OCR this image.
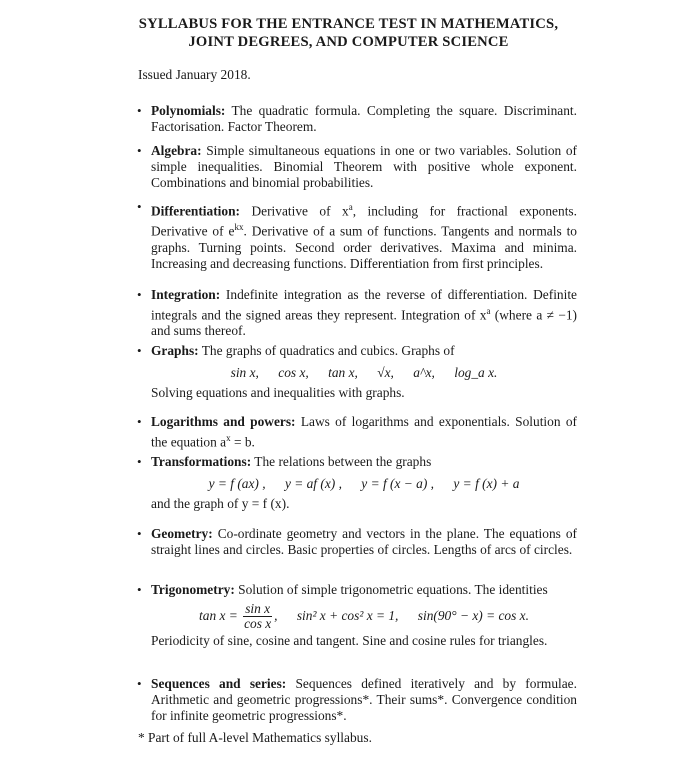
SYLLABUS FOR THE ENTRANCE TEST IN MATHEMATICS,
JOINT DEGREES, AND COMPUTER SCIENCE
Issued January 2018.
• Polynomials: The quadratic formula. Completing the square. Discriminant. Factorisation. Factor Theorem.
• Algebra: Simple simultaneous equations in one or two variables. Solution of simple inequalities. Binomial Theorem with positive whole exponent. Combinations and binomial probabilities.
• Differentiation: Derivative of $x^a$, including for fractional exponents. Derivative of $e^{kx}$. Derivative of a sum of functions. Tangents and normals to graphs. Turning points. Second order derivatives. Maxima and minima. Increasing and decreasing functions. Differentiation from first principles.
• Integration: Indefinite integration as the reverse of differentiation. Definite integrals and the signed areas they represent. Integration of $x^a$ (where a ≠ −1) and sums thereof.
• Graphs: The graphs of quadratics and cubics. Graphs of
sin x, cos x, tan x, √x, a^x, log_a x.
Solving equations and inequalities with graphs.
• Logarithms and powers: Laws of logarithms and exponentials. Solution of the equation $a^x = b$.
• Transformations: The relations between the graphs
y = f (ax) , y = af (x) , y = f (x − a) , y = f (x) + a
and the graph of y = f (x).
• Geometry: Co-ordinate geometry and vectors in the plane. The equations of straight lines and circles. Basic properties of circles. Lengths of arcs of circles.
• Trigonometry: Solution of simple trigonometric equations. The identities
$\tan x = \frac{\text{sin x}}{\text{cos x}}$ , sin² x + cos² x = 1, sin(90° − x) = cos x.
Periodicity of sine, cosine and tangent. Sine and cosine rules for triangles.
• Sequences and series: Sequences defined iteratively and by formulae. Arithmetic and geometric progressions*. Their sums*. Convergence condition for infinite geometric progressions*.
* Part of full A-level Mathematics syllabus.
